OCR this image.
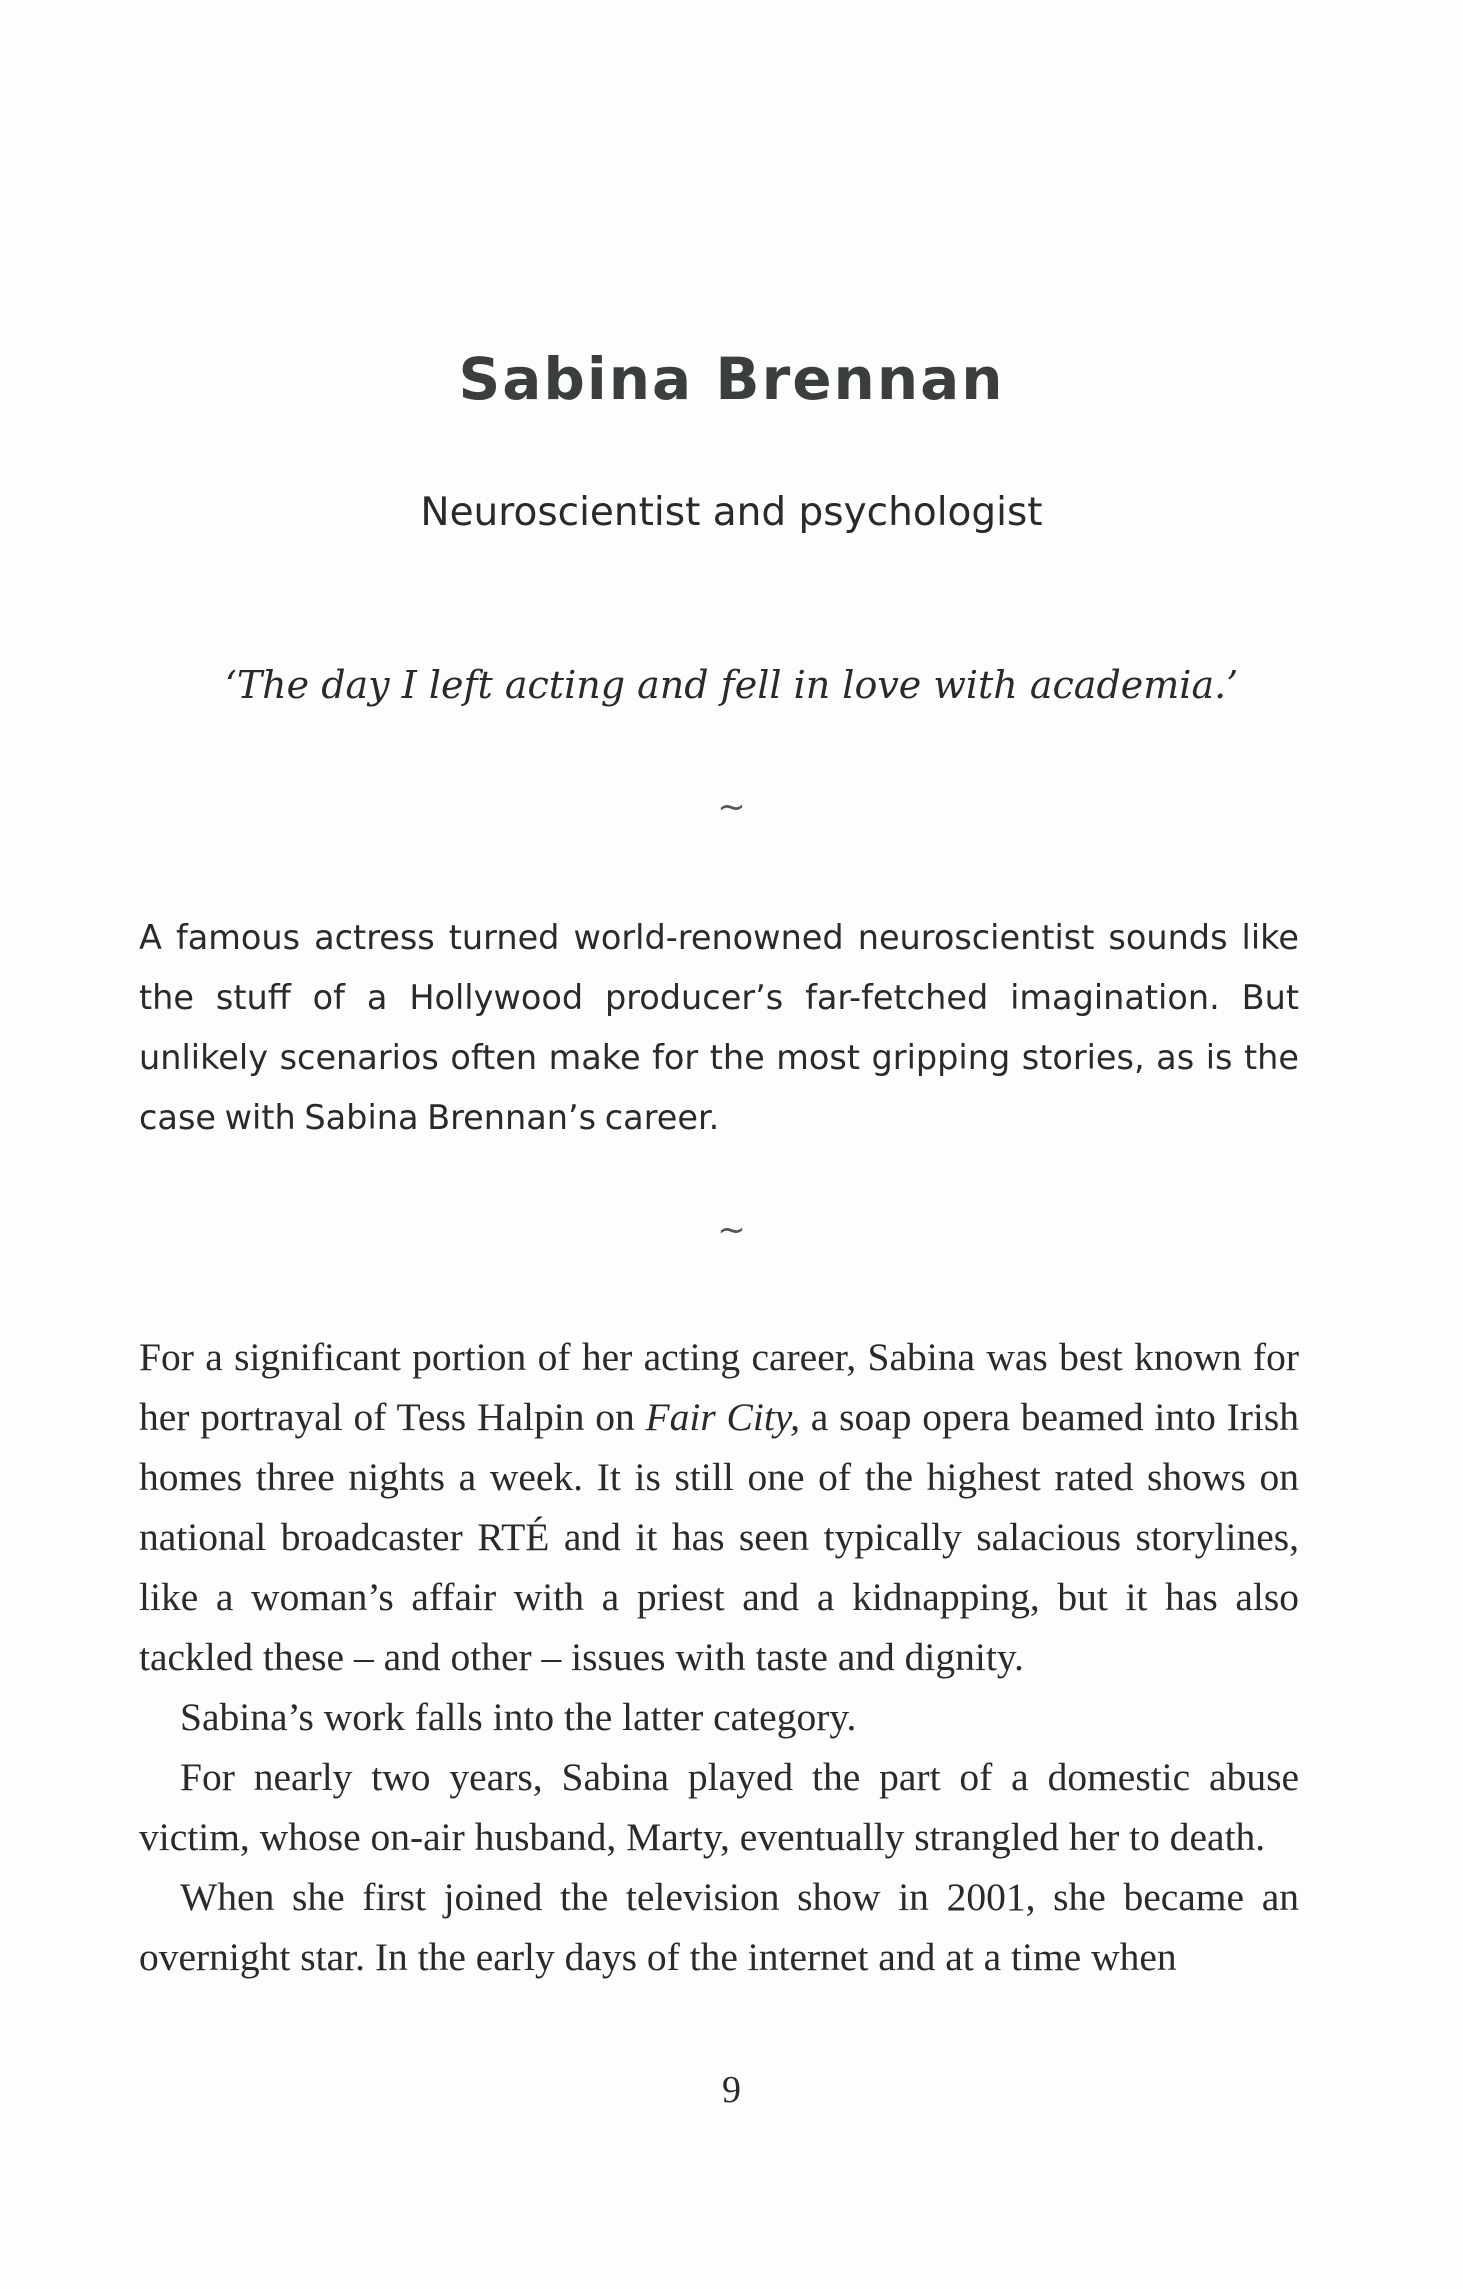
Sabina Brennan
Neuroscientist and psychologist
‘The day I left acting and fell in love with academia.’
~

A famous actress turned world-renowned neuroscientist sounds like the stuff of a Hollywood producer’s far-fetched imagination. But unlikely scenarios often make for the most gripping stories, as is the case with Sabina Brennan’s career.

~

For a significant portion of her acting career, Sabina was best known for her portrayal of Tess Halpin on Fair City, a soap opera beamed into Irish homes three nights a week. It is still one of the highest rated shows on national broadcaster RTÉ and it has seen typically salacious storylines, like a woman’s affair with a priest and a kidnapping, but it has also tackled these – and other – issues with taste and dignity.

Sabina’s work falls into the latter category.

For nearly two years, Sabina played the part of a domestic abuse victim, whose on-air husband, Marty, eventually strangled her to death.

When she first joined the television show in 2001, she became an overnight star. In the early days of the internet and at a time when

9
